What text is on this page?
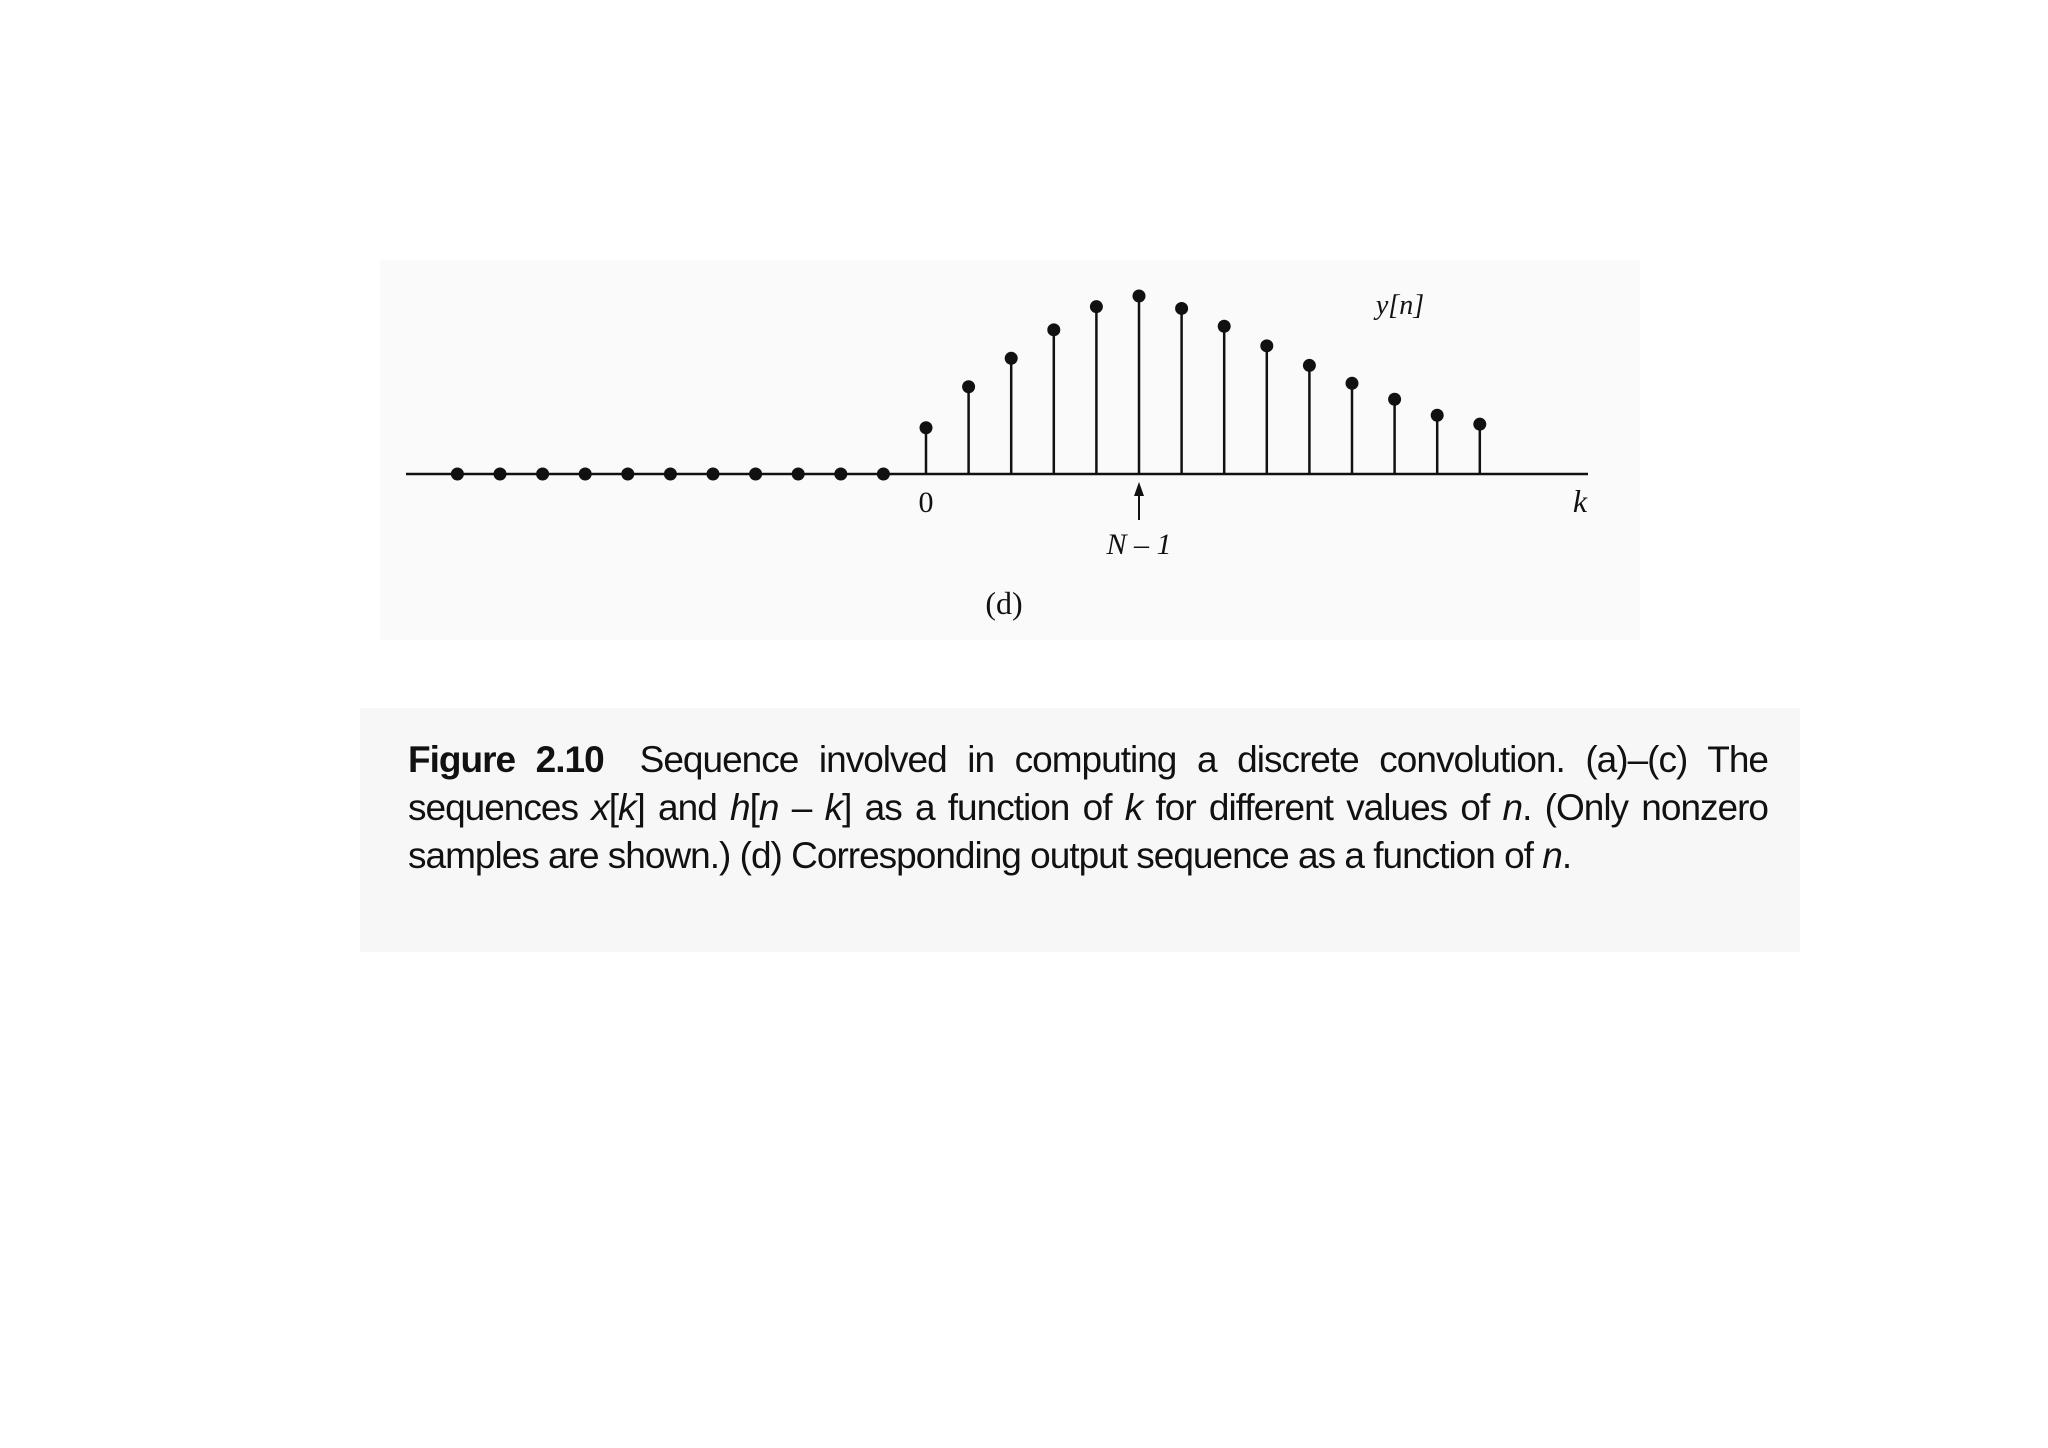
0
N – 1
k
y[n]
(d)
Figure 2.10 Sequence involved in computing a discrete convolution. (a)–(c) The sequences x[k] and h[n – k] as a function of k for different values of n. (Only nonzero samples are shown.) (d) Corresponding output sequence as a function of n.
